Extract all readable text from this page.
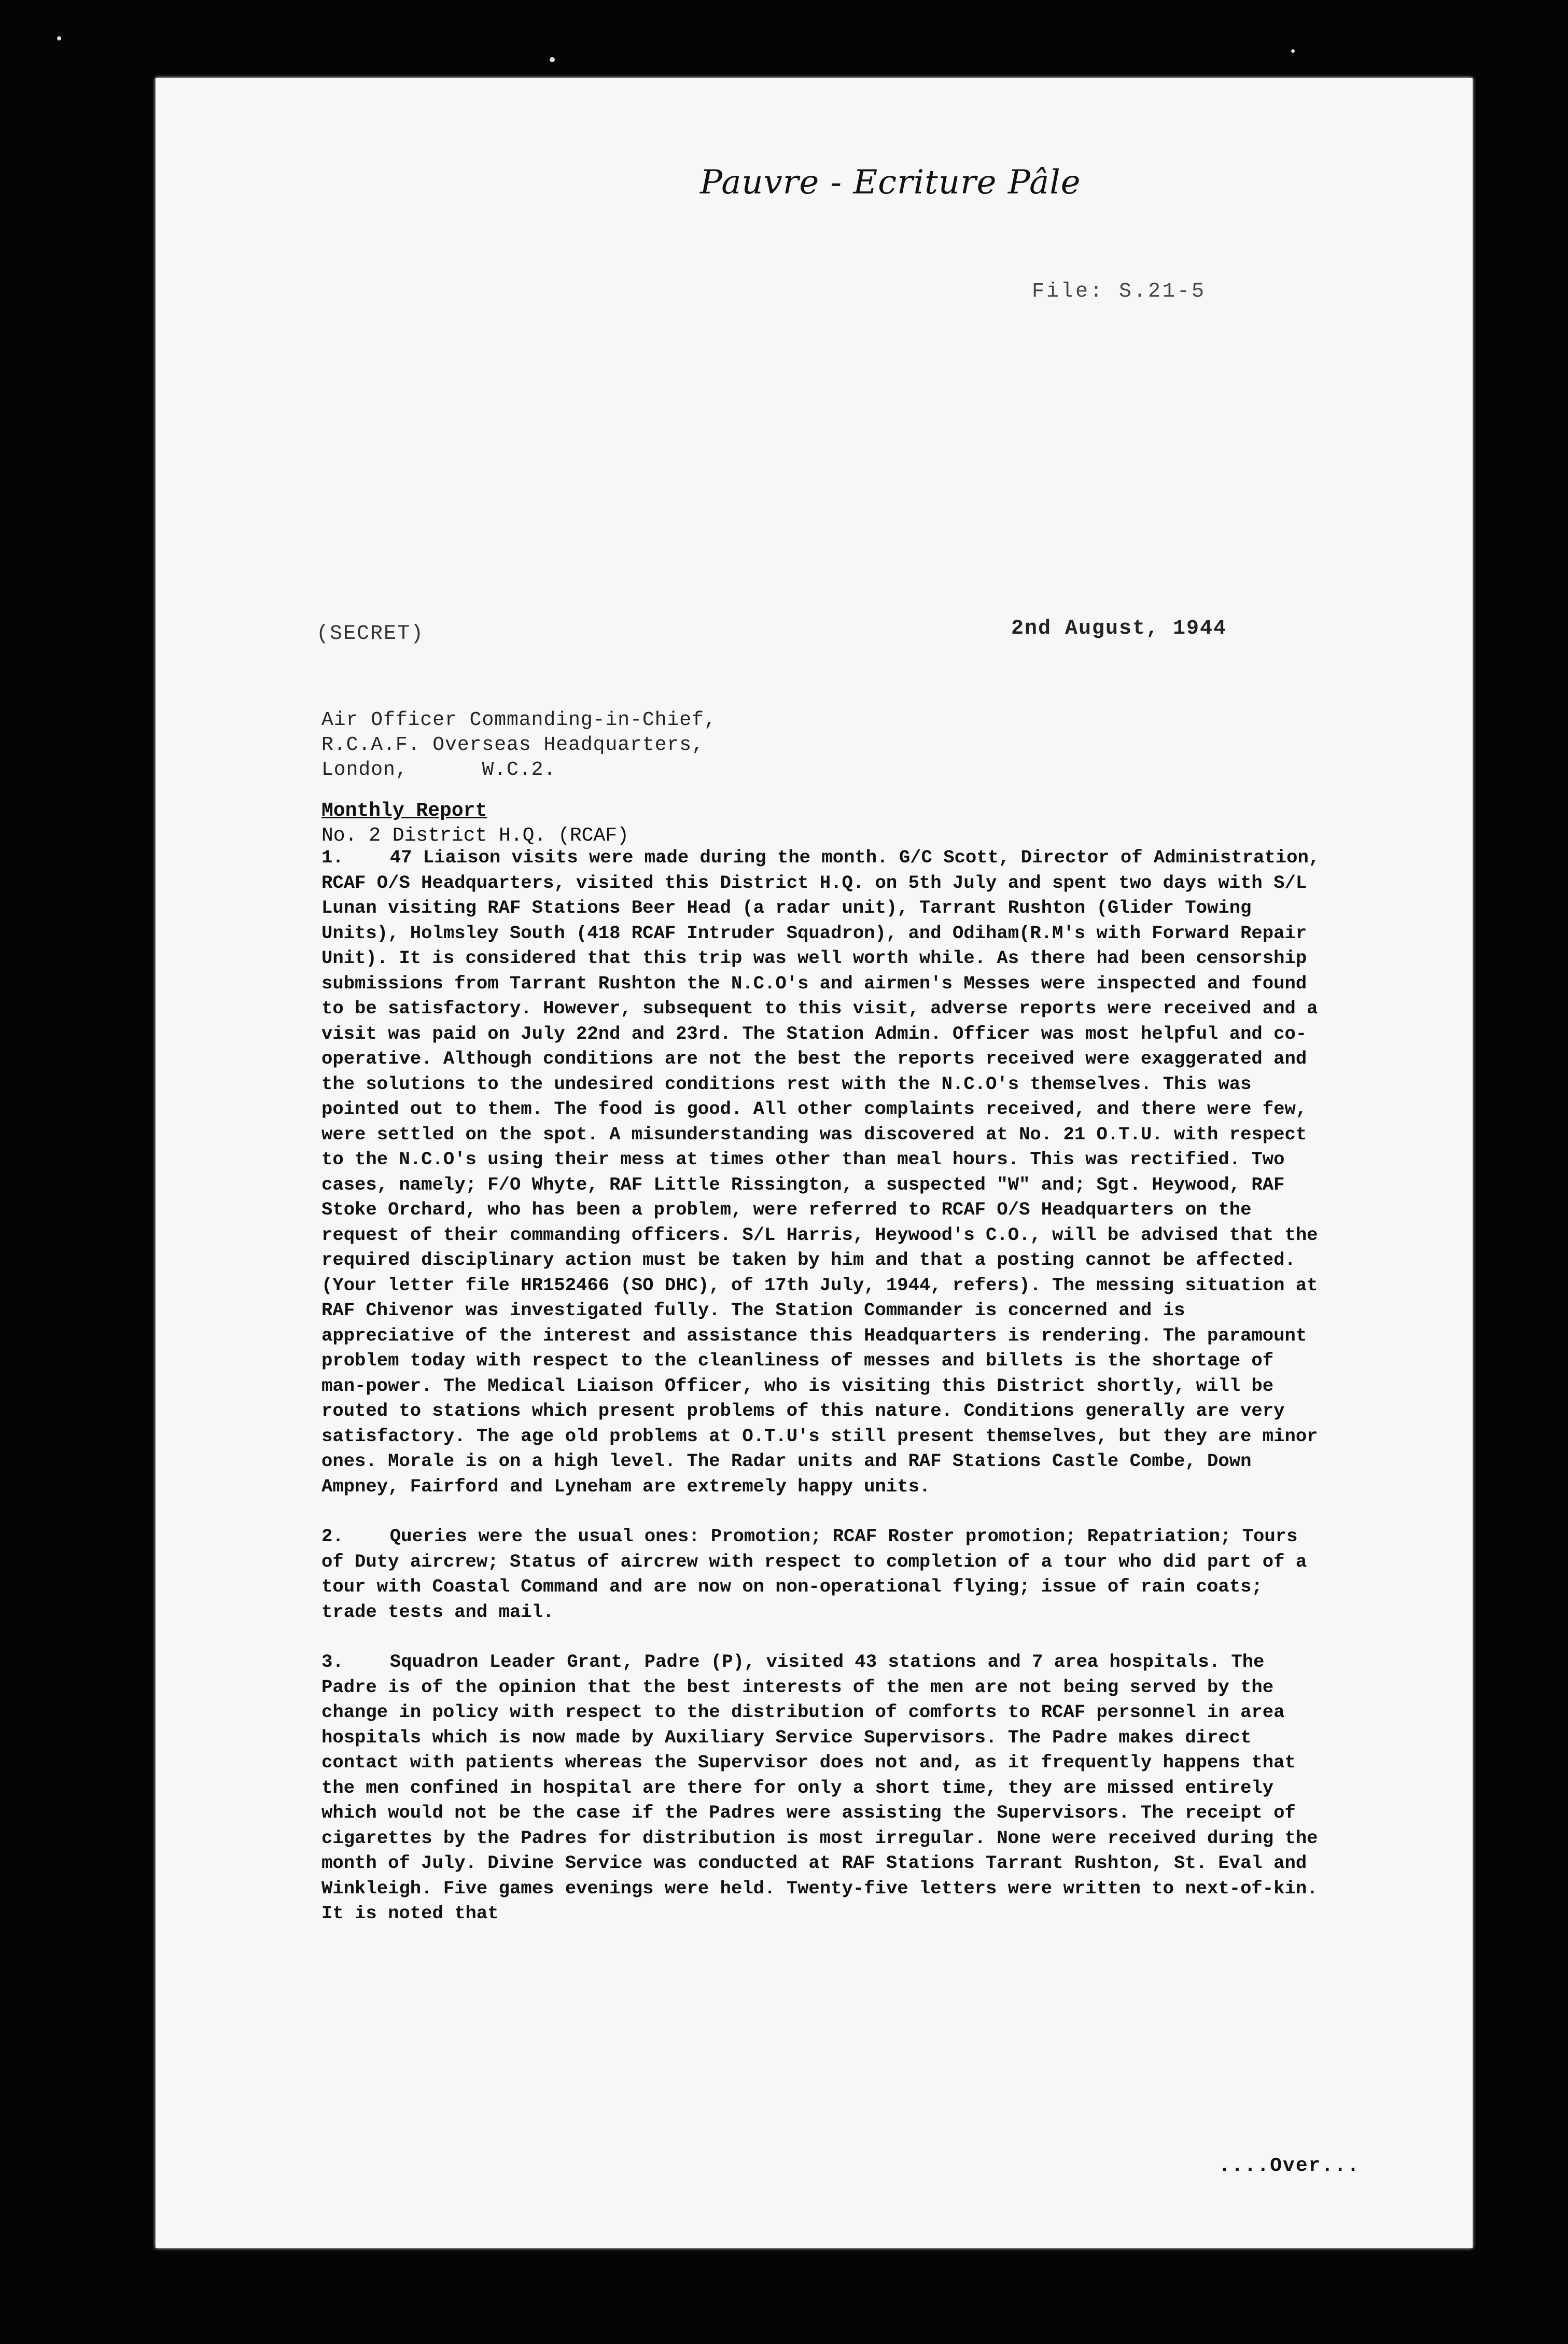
Pauvre - Ecriture Pâle
File: S.21-5
(SECRET)	2nd August, 1944
Air Officer Commanding-in-Chief,
R.C.A.F. Overseas Headquarters,
London,      W.C.2.
Monthly Report
No. 2 District H.Q. (RCAF)

1.	47 Liaison visits were made during the month. G/C Scott, Director of Administration, RCAF O/S Headquarters, visited this District H.Q. on 5th July and spent two days with S/L Lunan visiting RAF Stations Beer Head (a radar unit), Tarrant Rushton (Glider Towing Units), Holmsley South (418 RCAF Intruder Squadron), and Odiham(R.M's with Forward Repair Unit). It is considered that this trip was well worth while. As there had been censorship submissions from Tarrant Rushton the N.C.O's and airmen's Messes were inspected and found to be satisfactory. However, subsequent to this visit, adverse reports were received and a visit was paid on July 22nd and 23rd. The Station Admin. Officer was most helpful and co-operative. Although conditions are not the best the reports received were exaggerated and the solutions to the undesired conditions rest with the N.C.O's themselves. This was pointed out to them. The food is good. All other complaints received, and there were few, were settled on the spot. A misunderstanding was discovered at No. 21 O.T.U. with respect to the N.C.O's using their mess at times other than meal hours. This was rectified. Two cases, namely; F/O Whyte, RAF Little Rissington, a suspected "W" and; Sgt. Heywood, RAF Stoke Orchard, who has been a problem, were referred to RCAF O/S Headquarters on the request of their commanding officers. S/L Harris, Heywood's C.O., will be advised that the required disciplinary action must be taken by him and that a posting cannot be affected. (Your letter file HR152466 (SO DHC), of 17th July, 1944, refers). The messing situation at RAF Chivenor was investigated fully. The Station Commander is concerned and is appreciative of the interest and assistance this Headquarters is rendering. The paramount problem today with respect to the cleanliness of messes and billets is the shortage of man-power. The Medical Liaison Officer, who is visiting this District shortly, will be routed to stations which present problems of this nature. Conditions generally are very satisfactory. The age old problems at O.T.U's still present themselves, but they are minor ones. Morale is on a high level. The Radar units and RAF Stations Castle Combe, Down Ampney, Fairford and Lyneham are extremely happy units.

2.	Queries were the usual ones: Promotion; RCAF Roster promotion; Repatriation; Tours of Duty aircrew; Status of aircrew with respect to completion of a tour who did part of a tour with Coastal Command and are now on non-operational flying; issue of rain coats; trade tests and mail.

3.	Squadron Leader Grant, Padre (P), visited 43 stations and 7 area hospitals. The Padre is of the opinion that the best interests of the men are not being served by the change in policy with respect to the distribution of comforts to RCAF personnel in area hospitals which is now made by Auxiliary Service Supervisors. The Padre makes direct contact with patients whereas the Supervisor does not and, as it frequently happens that the men confined in hospital are there for only a short time, they are missed entirely which would not be the case if the Padres were assisting the Supervisors. The receipt of cigarettes by the Padres for distribution is most irregular. None were received during the month of July. Divine Service was conducted at RAF Stations Tarrant Rushton, St. Eval and Winkleigh. Five games evenings were held. Twenty-five letters were written to next-of-kin. It is noted that

....Over...
